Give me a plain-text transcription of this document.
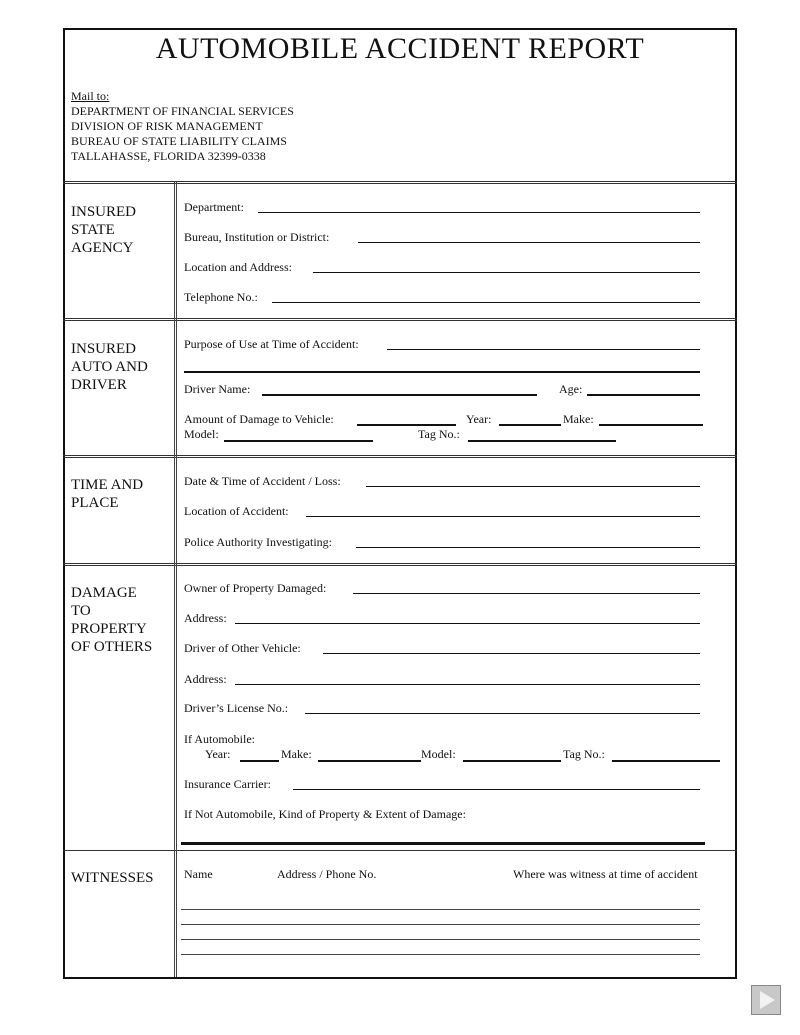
AUTOMOBILE ACCIDENT REPORT
Mail to:
DEPARTMENT OF FINANCIAL SERVICES
DIVISION OF RISK MANAGEMENT
BUREAU OF STATE LIABILITY CLAIMS
TALLAHASSE, FLORIDA 32399-0338
INSURED
STATE
AGENCY
Department:
Bureau, Institution or District:
Location and Address:
Telephone No.:
INSURED
AUTO AND
DRIVER
Purpose of Use at Time of Accident:
Driver Name:	Age:
Amount of Damage to Vehicle:	Year:	Make:
Model:	Tag No.:
TIME AND
PLACE
Date & Time of Accident / Loss:
Location of Accident:
Police Authority Investigating:
DAMAGE
TO
PROPERTY
OF OTHERS
Owner of Property Damaged:
Address:
Driver of Other Vehicle:
Address:
Driver’s License No.:
If Automobile:
Year:	Make:	Model:	Tag No.:
Insurance Carrier:
If Not Automobile, Kind of Property & Extent of Damage:
WITNESSES	Name	Address / Phone No.	Where was witness at time of accident
